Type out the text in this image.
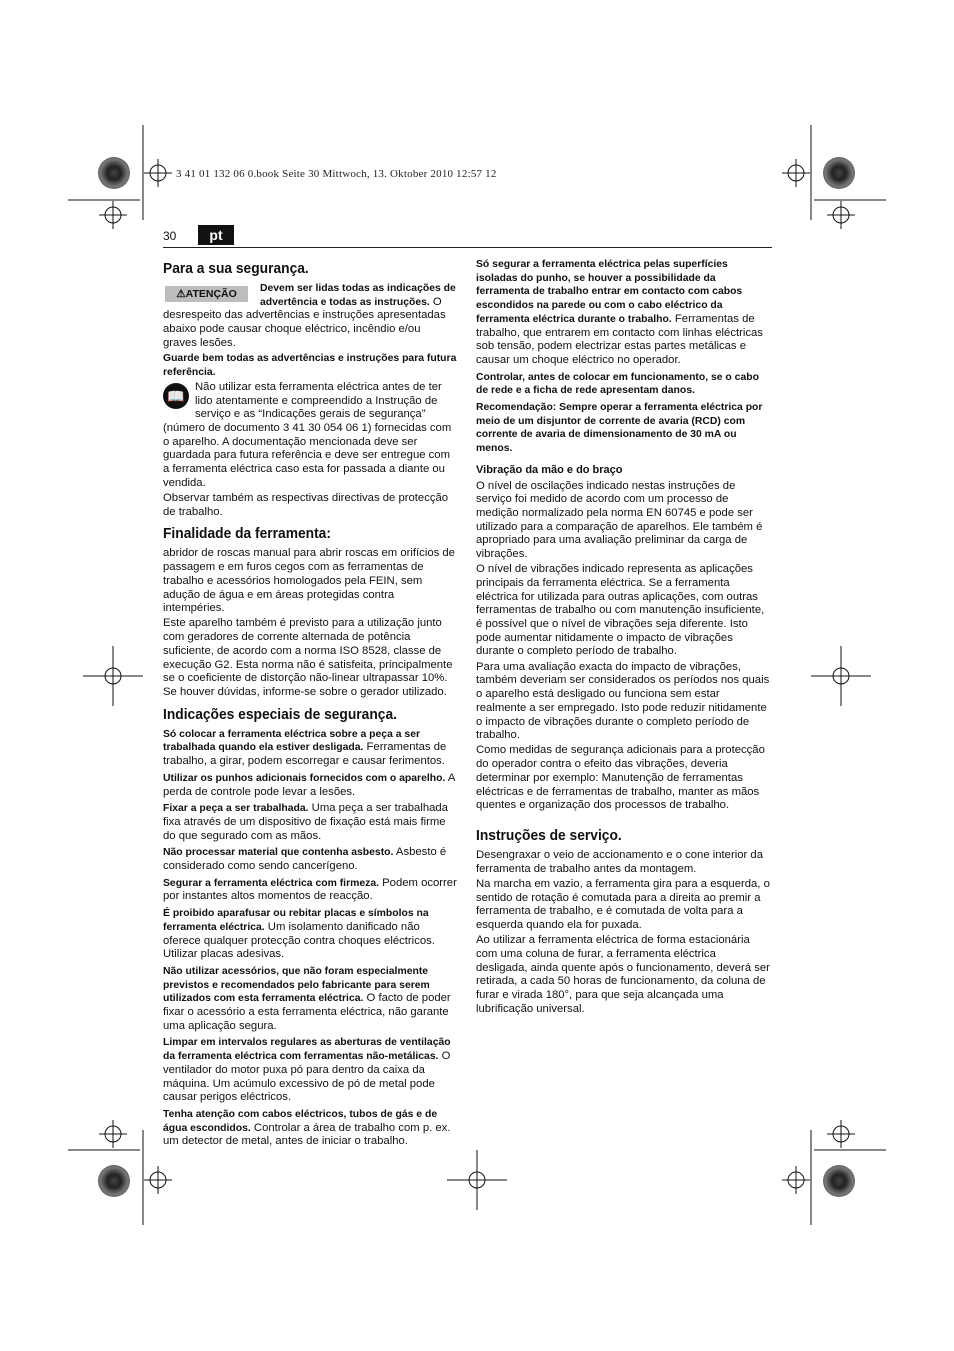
3 41 01 132 06 0.book Seite 30 Mittwoch, 13. Oktober 2010 12:57 12
30	pt
Para a sua segurança.
⚠ATENÇÃO	Devem ser lidas todas as indicações de advertência e todas as instruções. O desrespeito das advertências e instruções apresentadas abaixo pode causar choque eléctrico, incêndio e/ou graves lesões.

Guarde bem todas as advertências e instruções para futura referência.

📖

Não utilizar esta ferramenta eléctrica antes de ter lido atentamente e compreendido a Instrução de serviço e as “Indicações gerais de segurança” (número de documento 3 41 30 054 06 1) fornecidas com o aparelho. A documentação mencionada deve ser guardada para futura referência e deve ser entregue com a ferramenta eléctrica caso esta for passada a diante ou vendida.

Observar também as respectivas directivas de protecção de trabalho.

Finalidade da ferramenta:

abridor de roscas manual para abrir roscas em orifícios de passagem e em furos cegos com as ferramentas de trabalho e acessórios homologados pela FEIN, sem adução de água e em áreas protegidas contra intempéries.

Este aparelho também é previsto para a utilização junto com geradores de corrente alternada de potência suficiente, de acordo com a norma ISO 8528, classe de execução G2. Esta norma não é satisfeita, principalmente se o coeficiente de distorção não-linear ultrapassar 10%. Se houver dúvidas, informe-se sobre o gerador utilizado.

Indicações especiais de segurança.

Só colocar a ferramenta eléctrica sobre a peça a ser trabalhada quando ela estiver desligada. Ferramentas de trabalho, a girar, podem escorregar e causar ferimentos.

Utilizar os punhos adicionais fornecidos com o aparelho. A perda de controle pode levar a lesões.

Fixar a peça a ser trabalhada. Uma peça a ser trabalhada fixa através de um dispositivo de fixação está mais firme do que segurado com as mãos.

Não processar material que contenha asbesto. Asbesto é considerado como sendo cancerígeno.

Segurar a ferramenta eléctrica com firmeza. Podem ocorrer por instantes altos momentos de reacção.

É proibido aparafusar ou rebitar placas e símbolos na ferramenta eléctrica. Um isolamento danificado não oferece qualquer protecção contra choques eléctricos. Utilizar placas adesivas.

Não utilizar acessórios, que não foram especialmente previstos e recomendados pelo fabricante para serem utilizados com esta ferramenta eléctrica. O facto de poder fixar o acessório a esta ferramenta eléctrica, não garante uma aplicação segura.

Limpar em intervalos regulares as aberturas de ventilação da ferramenta eléctrica com ferramentas não-metálicas. O ventilador do motor puxa pó para dentro da caixa da máquina. Um acúmulo excessivo de pó de metal pode causar perigos eléctricos.

Tenha atenção com cabos eléctricos, tubos de gás e de água escondidos. Controlar a área de trabalho com p. ex. um detector de metal, antes de iniciar o trabalho.

Só segurar a ferramenta eléctrica pelas superfícies isoladas do punho, se houver a possibilidade da ferramenta de trabalho entrar em contacto com cabos escondidos na parede ou com o cabo eléctrico da ferramenta eléctrica durante o trabalho. Ferramentas de trabalho, que entrarem em contacto com linhas eléctricas sob tensão, podem electrizar estas partes metálicas e causar um choque eléctrico no operador.

Controlar, antes de colocar em funcionamento, se o cabo de rede e a ficha de rede apresentam danos.

Recomendação: Sempre operar a ferramenta eléctrica por meio de um disjuntor de corrente de avaria (RCD) com corrente de avaria de dimensionamento de 30 mA ou menos.

Vibração da mão e do braço

O nível de oscilações indicado nestas instruções de serviço foi medido de acordo com um processo de medição normalizado pela norma EN 60745 e pode ser utilizado para a comparação de aparelhos. Ele também é apropriado para uma avaliação preliminar da carga de vibrações.

O nível de vibrações indicado representa as aplicações principais da ferramenta eléctrica. Se a ferramenta eléctrica for utilizada para outras aplicações, com outras ferramentas de trabalho ou com manutenção insuficiente, é possível que o nível de vibrações seja diferente. Isto pode aumentar nitidamente o impacto de vibrações durante o completo período de trabalho.

Para uma avaliação exacta do impacto de vibrações, também deveriam ser considerados os períodos nos quais o aparelho está desligado ou funciona sem estar realmente a ser empregado. Isto pode reduzir nitidamente o impacto de vibrações durante o completo período de trabalho.

Como medidas de segurança adicionais para a protecção do operador contra o efeito das vibrações, deveria determinar por exemplo: Manutenção de ferramentas eléctricas e de ferramentas de trabalho, manter as mãos quentes e organização dos processos de trabalho.

Instruções de serviço.

Desengraxar o veio de accionamento e o cone interior da ferramenta de trabalho antes da montagem.

Na marcha em vazio, a ferramenta gira para a esquerda, o sentido de rotação é comutada para a direita ao premir a ferramenta de trabalho, e é comutada de volta para a esquerda quando ela for puxada.

Ao utilizar a ferramenta eléctrica de forma estacionária com uma coluna de furar, a ferramenta eléctrica desligada, ainda quente após o funcionamento, deverá ser retirada, a cada 50 horas de funcionamento, da coluna de furar e virada 180°, para que seja alcançada uma lubrificação universal.
